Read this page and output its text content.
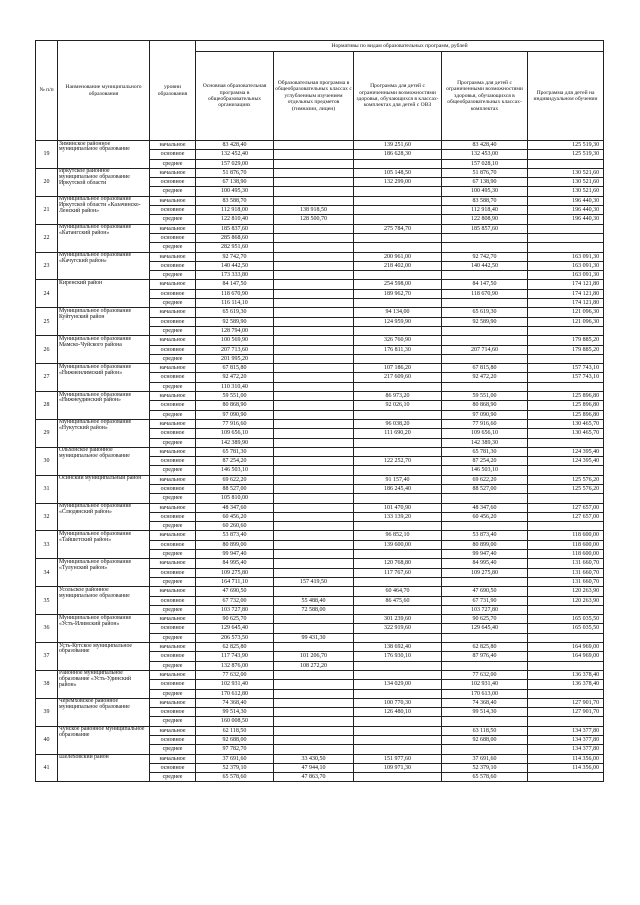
№ п/п	Наименование муниципального образования	уровни образования	Нормативы по видам образовательных программ, рублей				
			Основная образовательная программа в общеобразовательных организациях	Образовательная программа в общеобразовательных классах с углубленным изучением отдельных предметов (гимназии, лицеи)	Программа для детей с ограниченными возможностями здоровья, обучающихся в классах-комплектах для детей с ОВЗ	Программа для детей с ограниченными возможностями здоровья, обучающихся в общеобразовательных классах-комплектах	Программа для детей на индивидуальном обучении
19	Зиминское районное муниципальное образование	начальное	83 428,40		139 251,60	83 428,40	125 519,30
		основное	132 452,40		186 628,30	132 453,00	125 519,30
		среднее	157 029,00			157 028,10	
20	Иркутское районное муниципальное образование Иркутской области	начальное	51 876,70		105 148,50	51 876,70	130 521,60
		основное	67 138,90		132 299,00	67 138,90	130 521,60
		среднее	100 495,30			100 495,30	130 521,60
21	Муниципальное образование Иркутской области «Казачинско-Ленский район»	начальное	83 588,70			83 588,70	196 440,30
		основное	112 918,00	138 918,50		112 918,40	196 440,30
		среднее	122 810,40	128 500,70		122 808,90	196 440,30
22	Муниципальное образование «Катангский район»	начальное	185 837,60		275 784,70	185 857,60	
		основное	285 868,60				
		среднее	282 951,60				
23	Муниципальное образование «Качугский район»	начальное	92 742,70		200 961,00	92 742,70	163 091,30
		основное	140 442,50		218 402,00	140 442,50	163 091,30
		среднее	173 333,80				163 091,30
24	Киренский район	начальное	84 147,50		254 598,00	84 147,50	174 121,80
		основное	118 670,90		189 962,70	118 670,90	174 121,80
		среднее	116 114,10				174 121,80
25	Муниципальное образование Куйтунский район	начальное	65 619,30		94 134,00	65 619,30	121 096,30
		основное	92 589,90		124 959,90	92 589,90	121 096,30
		среднее	128 794,00				
26	Муниципальное образование Мамско-Чуйского района	начальное	100 569,90		326 760,90		179 885,20
		основное	207 713,60		176 811,30	207 714,60	179 885,20
		среднее	201 995,20				
27	Муниципальное образование «Нижнеилимский район»	начальное	67 815,80		107 186,20	67 815,80	157 743,10
		основное	92 472,20		217 609,60	92 472,20	157 743,10
		среднее	110 310,40				
28	Муниципальное образование «Нижнеудинский район»	начальное	59 551,00		86 973,20	59 551,00	125 896,80
		основное	80 868,90		92 026,10	80 868,90	125 896,80
		среднее	97 090,90			97 090,90	125 896,80
29	Муниципальное образование «Нукутский район»	начальное	77 916,60		96 038,20	77 916,60	130 465,70
		основное	109 656,10		111 690,20	109 656,10	130 465,70
		среднее	142 389,90			142 389,30	
30	Ольхонское районное муниципальное образование	начальное	65 781,30			65 781,30	124 395,40
		основное	87 254,20		122 252,70	87 254,20	124 395,40
		среднее	146 503,10			146 503,10	
31	Осинский муниципальный район	начальное	69 622,20		91 157,40	69 622,20	125 576,20
		основное	88 527,00		186 245,40	88 527,00	125 576,20
		среднее	105 810,00				
32	Муниципальное образование «Слюдянский район»	начальное	48 347,60		101 470,90	48 347,60	127 657,00
		основное	60 456,20		133 139,20	60 456,20	127 657,00
		среднее	60 260,60				
33	Муниципальное образование «Тайшетский район»	начальное	53 873,40		96 852,10	53 873,40	118 600,00
		основное	80 899,00		139 600,00	80 899,00	118 600,00
		среднее	99 947,40			99 947,40	118 600,00
34	Муниципальное образование «Тулунский район»	начальное	84 995,40		120 768,80	84 995,40	131 660,70
		основное	109 275,80		117 767,60	109 275,80	131 660,70
		среднее	164 711,10	157 419,50			131 660,70
35	Усольское районное муниципальное образование	начальное	47 690,50		60 464,70	47 690,50	120 263,90
		основное	67 732,00	55 488,40	86 475,60	67 731,90	120 263,90
		среднее	103 727,80	72 588,00		103 727,80	
36	Муниципальное образование «Усть-Илимский район»	начальное	90 625,70		301 239,60	90 625,70	165 035,50
		основное	129 645,40		322 919,60	129 645,40	165 035,50
		среднее	206 573,50	99 431,30			
37	Усть-Кутское муниципальное образование	начальное	62 825,80		138 692,40	62 825,80	164 969,00
		основное	117 743,90	101 206,70	176 930,10	87 976,40	164 969,00
		среднее	132 876,00	108 272,20			
38	Районное муниципальное образование «Усть-Удинский район»	начальное	77 632,00			77 632,00	136 378,40
		основное	102 931,40		134 029,00	102 931,40	136 378,40
		среднее	170 612,80			170 613,00	
39	Черемховское районное муниципальное образование	начальное	74 368,40		100 770,30	74 368,40	127 901,70
		основное	99 514,30		126 480,10	99 514,30	127 901,70
		среднее	160 008,50				
40	Чунское районное муниципальное образование	начальное	62 118,50			63 118,50	134 377,80
		основное	92 688,00			92 688,00	134 377,80
		среднее	97 782,70				134 377,80
41	Шелеховский район	начальное	37 691,60	33 430,50	151 977,60	37 691,60	114 356,00
		основное	52 379,10	47 944,10	109 971,30	52 379,10	114 356,00
		среднее	65 578,60	47 863,70		65 578,60	
